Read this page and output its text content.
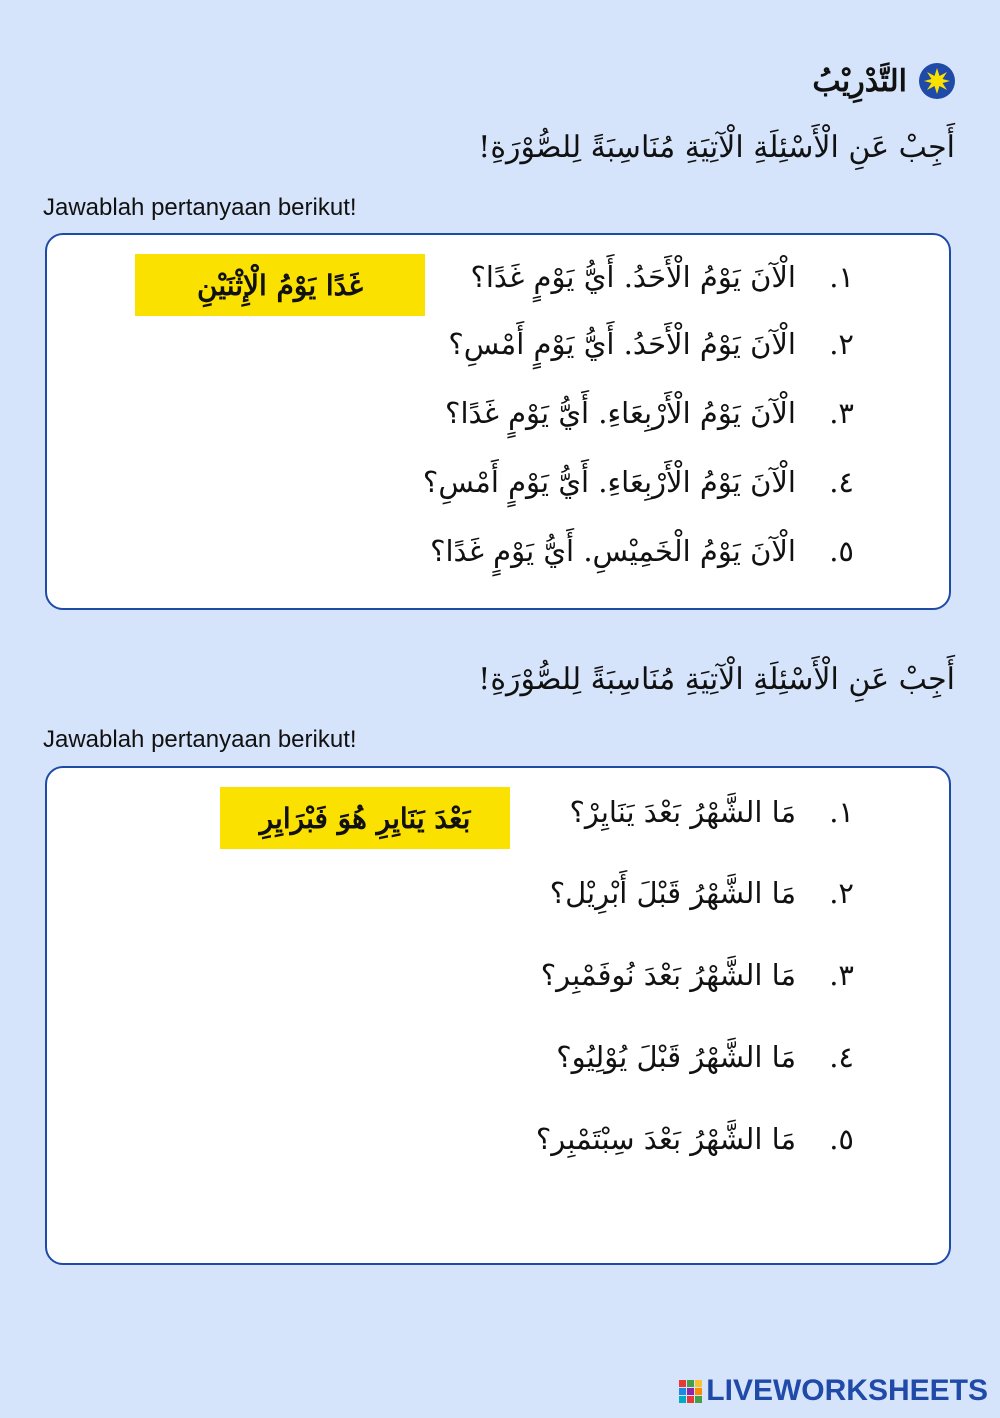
التَّدْرِيْبُ
أَجِبْ عَنِ الْأَسْئِلَةِ الْآتِيَةِ مُنَاسِبَةً لِلصُّوْرَةِ!
Jawablah pertanyaan berikut!
غَدًا يَوْمُ الْإِثْنَيْنِ	١.
الْآنَ يَوْمُ الْأَحَدُ. أَيُّ يَوْمٍ غَدًا؟
٢.
الْآنَ يَوْمُ الْأَحَدُ. أَيُّ يَوْمٍ أَمْسِ؟
٣.
الْآنَ يَوْمُ الْأَرْبِعَاءِ. أَيُّ يَوْمٍ غَدًا؟
٤.
الْآنَ يَوْمُ الْأَرْبِعَاءِ. أَيُّ يَوْمٍ أَمْسِ؟
٥.
الْآنَ يَوْمُ الْخَمِيْسِ. أَيُّ يَوْمٍ غَدًا؟
أَجِبْ عَنِ الْأَسْئِلَةِ الْآتِيَةِ مُنَاسِبَةً لِلصُّوْرَةِ!
Jawablah pertanyaan berikut!
بَعْدَ يَنَايِرِ هُوَ فَبْرَايِرِ	١.
مَا الشَّهْرُ بَعْدَ يَنَايِرْ؟
٢.
مَا الشَّهْرُ قَبْلَ أَبْرِيْل؟
٣.
مَا الشَّهْرُ بَعْدَ نُوفَمْبِر؟
٤.
مَا الشَّهْرُ قَبْلَ يُوْلِيُو؟
٥.
مَا الشَّهْرُ بَعْدَ سِبْتَمْبِر؟
LIVEWORKSHEETS
